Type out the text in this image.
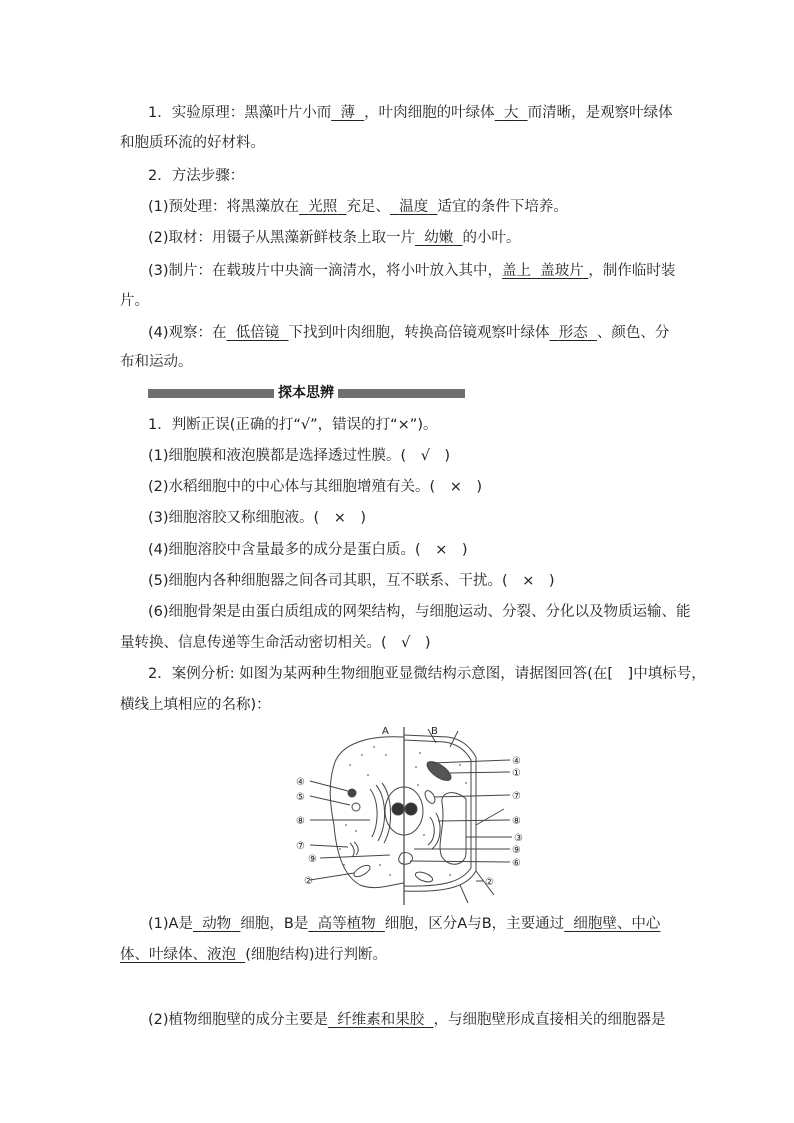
1．实验原理：黑藻叶片小而 薄 ，叶肉细胞的叶绿体 大 而清晰，是观察叶绿体
和胞质环流的好材料。
2．方法步骤：
(1)预处理：将黑藻放在 光照 充足、 温度 适宜的条件下培养。
(2)取材：用镊子从黑藻新鲜枝条上取一片 幼嫩 的小叶。
(3)制片：在载玻片中央滴一滴清水，将小叶放入其中，盖上 盖玻片 ，制作临时装
片。
(4)观察：在 低倍镜 下找到叶肉细胞，转换高倍镜观察叶绿体 形态 、颜色、分
布和运动。
探本思辨
1．判断正误(正确的打“√”，错误的打“×”)。
(1)细胞膜和液泡膜都是选择透过性膜。(　√　)
(2)水稻细胞中的中心体与其细胞增殖有关。(　×　)
(3)细胞溶胶又称细胞液。(　×　)
(4)细胞溶胶中含量最多的成分是蛋白质。(　×　)
(5)细胞内各种细胞器之间各司其职，互不联系、干扰。(　×　)
(6)细胞骨架是由蛋白质组成的网架结构，与细胞运动、分裂、分化以及物质运输、能
量转换、信息传递等生命活动密切相关。(　√　)
2．案例分析: 如图为某两种生物细胞亚显微结构示意图，请据图回答(在[　]中填标号，
横线上填相应的名称)：
A	B
④
⑤
⑧
⑦
⑨
②
④
①
⑦
⑧
③
⑨
⑥
②
(1)A是 动物 细胞，B是 高等植物 细胞，区分A与B，主要通过 细胞壁、中心
体、叶绿体、液泡 (细胞结构)进行判断。
(2)植物细胞壁的成分主要是 纤维素和果胶 ，与细胞壁形成直接相关的细胞器是
